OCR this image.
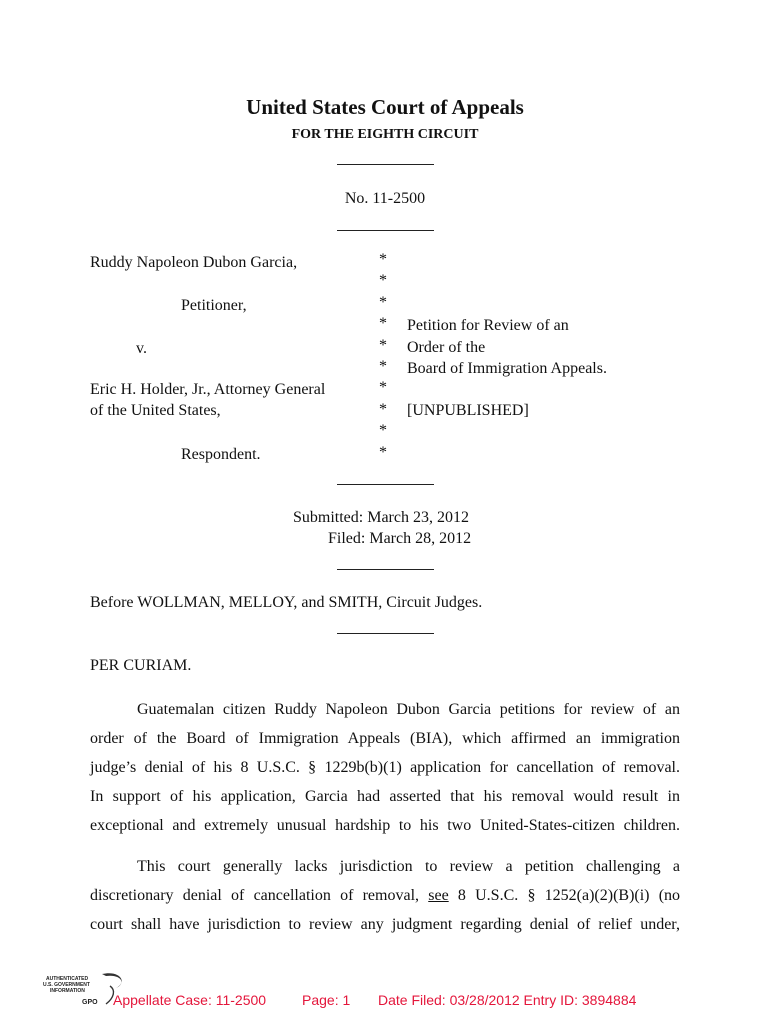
United States Court of Appeals
FOR THE EIGHTH CIRCUIT
No. 11-2500
Ruddy Napoleon Dubon Garcia,
Petitioner,
v.
Eric H. Holder, Jr., Attorney General
of the United States,
Respondent.
*
*
*
*
*
*
*
*
*
*
Petition for Review of an
Order of the
Board of Immigration Appeals.
[UNPUBLISHED]
Submitted: March 23, 2012
Filed: March 28, 2012
Before WOLLMAN, MELLOY, and SMITH, Circuit Judges.
PER CURIAM.
Guatemalan citizen Ruddy Napoleon Dubon Garcia petitions for review of an
order of the Board of Immigration Appeals (BIA), which affirmed an immigration
judge’s denial of his 8 U.S.C. § 1229b(b)(1) application for cancellation of removal.
In support of his application, Garcia had asserted that his removal would result in
exceptional and extremely unusual hardship to his two United-States-citizen children.
This court generally lacks jurisdiction to review a petition challenging a
discretionary denial of cancellation of removal, see 8 U.S.C. § 1252(a)(2)(B)(i) (no
court shall have jurisdiction to review any judgment regarding denial of relief under,
AUTHENTICATED
U.S. GOVERNMENT
INFORMATION
GPO Appellate Case: 11-2500	Page: 1 Date Filed: 03/28/2012 Entry ID: 3894884
